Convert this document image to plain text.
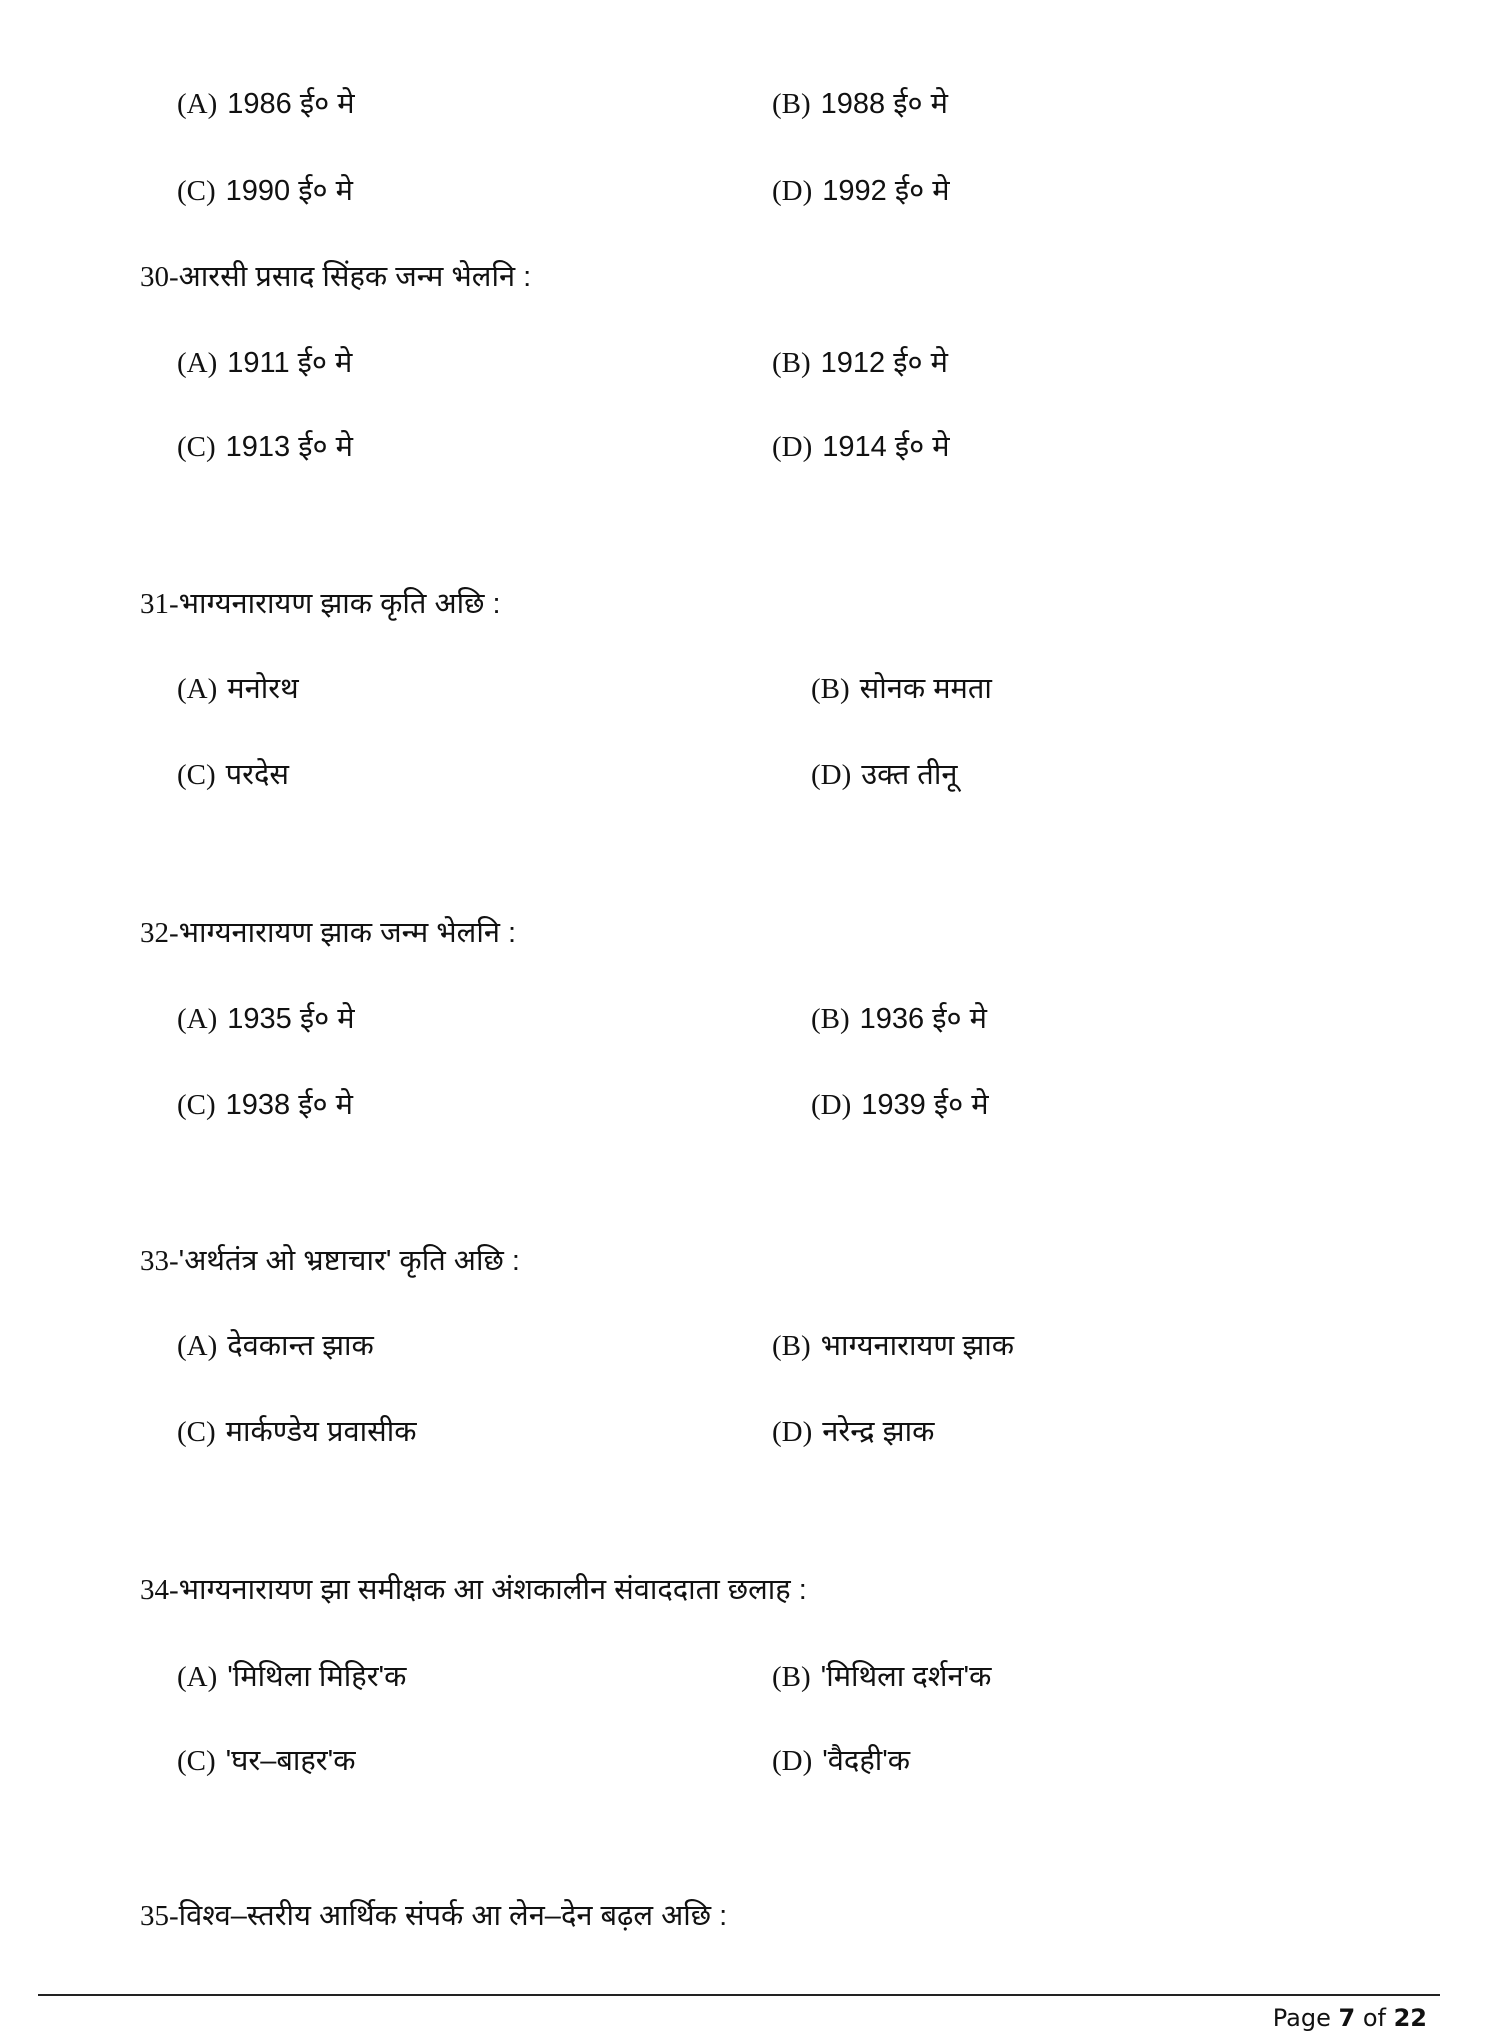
(A) 1986 ई० मे	(B) 1988 ई० मे
(C) 1990 ई० मे	(D) 1992 ई० मे
30-आरसी प्रसाद सिंहक जन्म भेलनि :
(A) 1911 ई० मे	(B) 1912 ई० मे
(C) 1913 ई० मे	(D) 1914 ई० मे
31-भाग्यनारायण झाक कृति अछि :
(A) मनोरथ	(B) सोनक ममता
(C) परदेस	(D) उक्त तीनू
32-भाग्यनारायण झाक जन्म भेलनि :
(A) 1935 ई० मे	(B) 1936 ई० मे
(C) 1938 ई० मे	(D) 1939 ई० मे
33-'अर्थतंत्र ओ भ्रष्टाचार' कृति अछि :
(A) देवकान्त झाक	(B) भाग्यनारायण झाक
(C) मार्कण्डेय प्रवासीक	(D) नरेन्द्र झाक
34-भाग्यनारायण झा समीक्षक आ अंशकालीन संवाददाता छलाह :
(A) 'मिथिला मिहिर'क	(B) 'मिथिला दर्शन'क
(C) 'घर–बाहर'क	(D) 'वैदही'क
35-विश्व–स्तरीय आर्थिक संपर्क आ लेन–देन बढ़ल अछि :
Page 7 of 22
